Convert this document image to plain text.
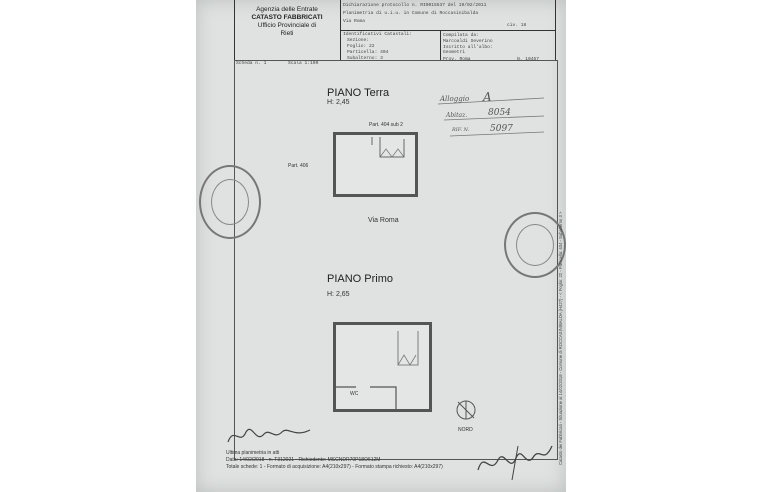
Agenzia delle Entrate
CATASTO FABBRICATI
Ufficio Provinciale di
Rieti
Dichiarazione protocollo n. RI0015537 del 19/02/2011
Planimetria di u.i.u. in Comune di Roccasinibalda
Via Roma
civ. 18
Identificativi Catastali:
Sezione:
Foglio: 22
Particella: 404
Subalterno: 3
Compilata da:
Marcoaldi Severino
Iscritto all'albo:
Geometri
Prov. Roma	N. 10457
Scheda n. 1	Scala 1:100
PIANO Terra
H: 2,45
Part. 404 sub 2
Part. 406
Via Roma
Alloggio A
Abitaz. 8054
RIF. N. 5097
PIANO Primo
H: 2,65
WC
NORD
Ultima planimetria in atti
Data: 14/02/2018 - n. T312021 - Richiedente: MSCNDR70P18O612M
Totale schede: 1 - Formato di acquisizione: A4(210x297) - Formato stampa richiesto: A4(210x297)
Catasto dei Fabbricati - Situazione al 14/02/2018 - Comune di ROCCASINIBALDA (H427) - < Foglio: 22 - Particella: 404 - Subalterno 3 >
